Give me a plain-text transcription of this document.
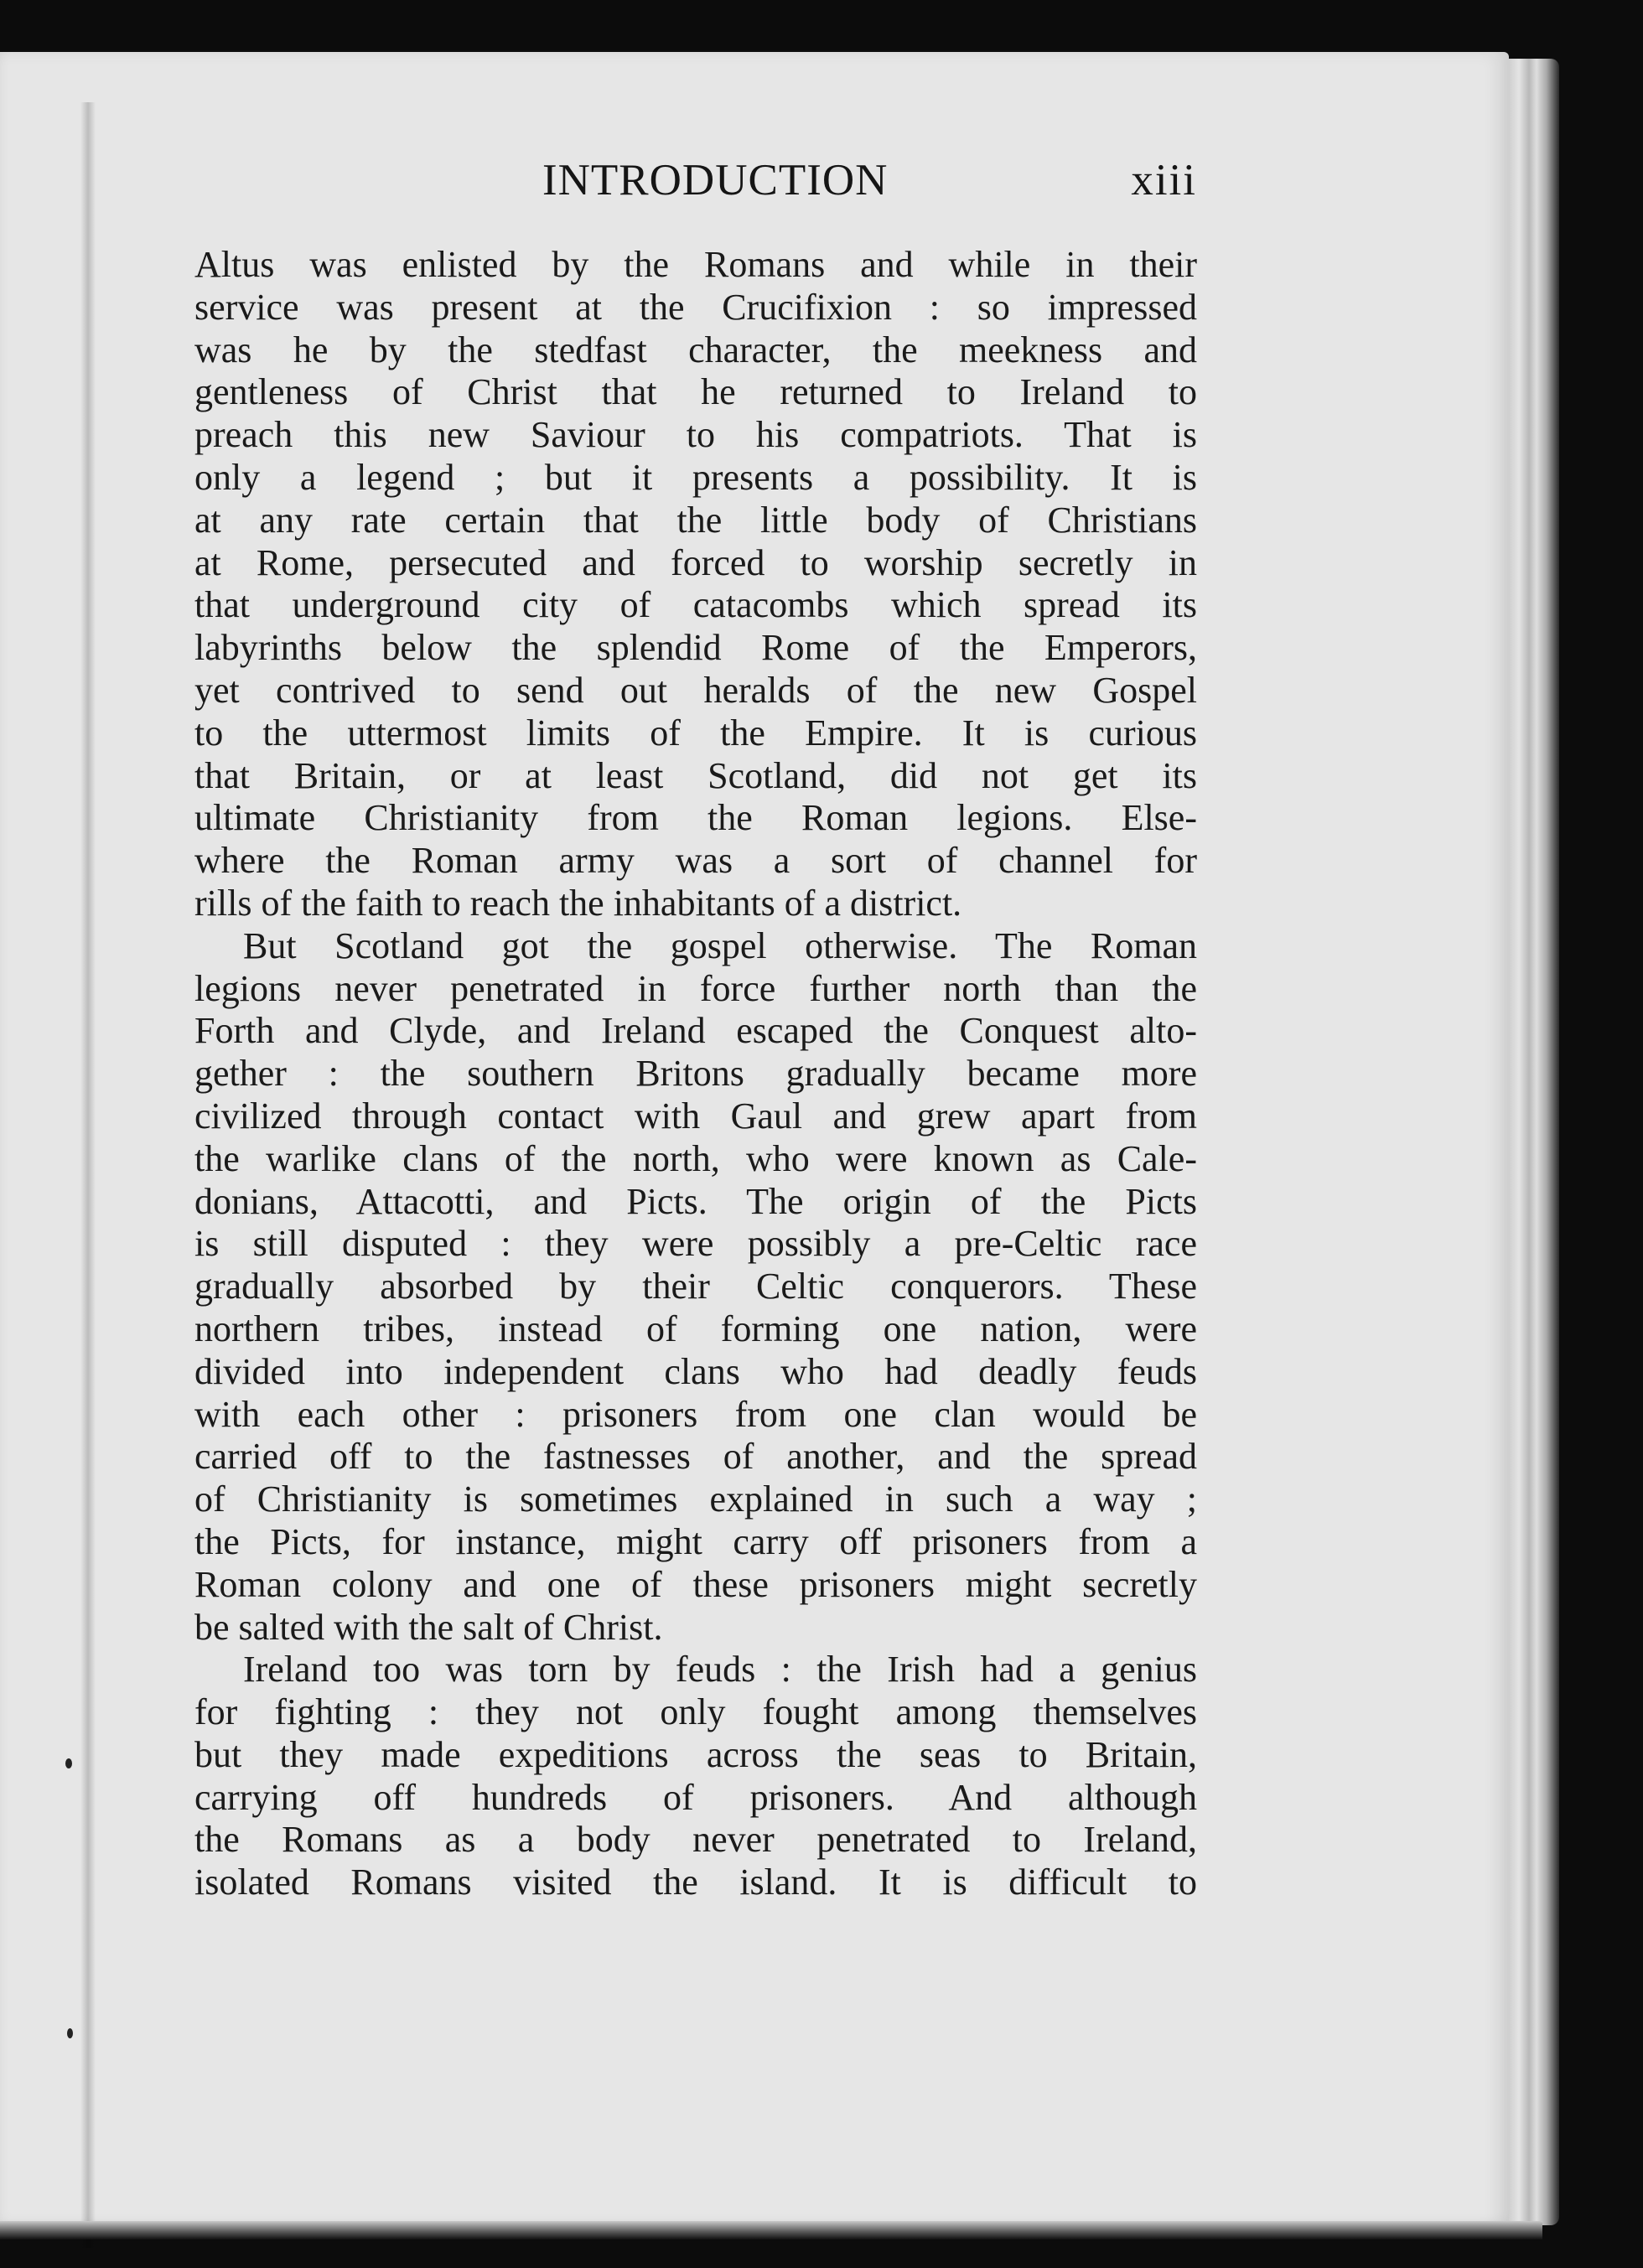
INTRODUCTION	xiii
Altus was enlisted by the Romans and while in their
service was present at the Crucifixion : so impressed
was he by the stedfast character, the meekness and
gentleness of Christ that he returned to Ireland to
preach this new Saviour to his compatriots. That is
only a legend ; but it presents a possibility. It is
at any rate certain that the little body of Christians
at Rome, persecuted and forced to worship secretly in
that underground city of catacombs which spread its
labyrinths below the splendid Rome of the Emperors,
yet contrived to send out heralds of the new Gospel
to the uttermost limits of the Empire. It is curious
that Britain, or at least Scotland, did not get its
ultimate Christianity from the Roman legions. Else-
where the Roman army was a sort of channel for
rills of the faith to reach the inhabitants of a district.
But Scotland got the gospel otherwise. The Roman
legions never penetrated in force further north than the
Forth and Clyde, and Ireland escaped the Conquest alto-
gether : the southern Britons gradually became more
civilized through contact with Gaul and grew apart from
the warlike clans of the north, who were known as Cale-
donians, Attacotti, and Picts. The origin of the Picts
is still disputed : they were possibly a pre-Celtic race
gradually absorbed by their Celtic conquerors. These
northern tribes, instead of forming one nation, were
divided into independent clans who had deadly feuds
with each other : prisoners from one clan would be
carried off to the fastnesses of another, and the spread
of Christianity is sometimes explained in such a way ;
the Picts, for instance, might carry off prisoners from a
Roman colony and one of these prisoners might secretly
be salted with the salt of Christ.
Ireland too was torn by feuds : the Irish had a genius
for fighting : they not only fought among themselves
but they made expeditions across the seas to Britain,
carrying off hundreds of prisoners. And although
the Romans as a body never penetrated to Ireland,
isolated Romans visited the island. It is difficult to
